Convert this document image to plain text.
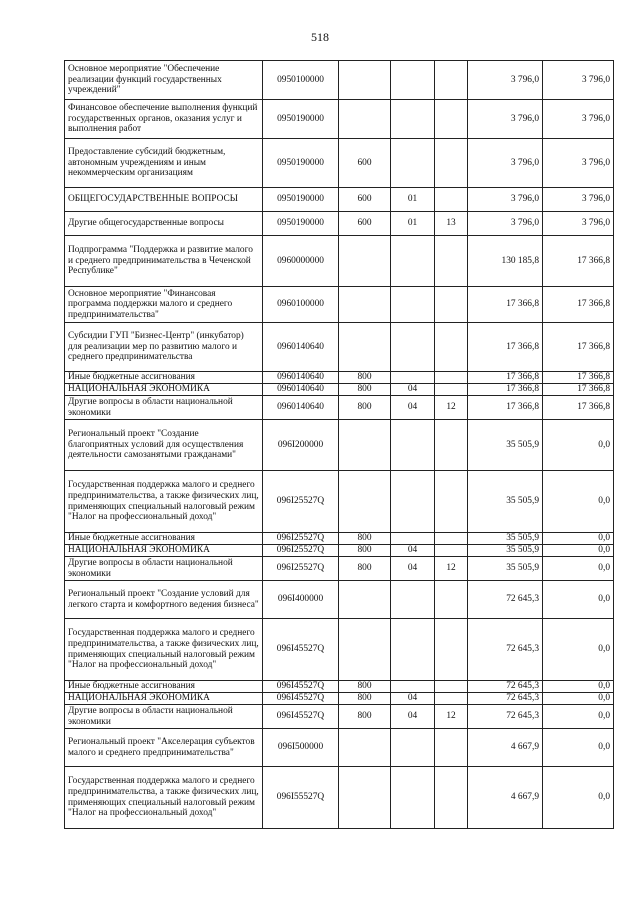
518
Основное мероприятие "Обеспечение реализации функций государственных учреждений"	0950100000				3 796,0	3 796,0
Финансовое обеспечение выполнения функций государственных органов, оказания услуг и выполнения работ	0950190000				3 796,0	3 796,0
Предоставление субсидий бюджетным, автономным учреждениям и иным некоммерческим организациям	0950190000	600			3 796,0	3 796,0
ОБЩЕГОСУДАРСТВЕННЫЕ ВОПРОСЫ	0950190000	600	01		3 796,0	3 796,0
Другие общегосударственные вопросы	0950190000	600	01	13	3 796,0	3 796,0
Подпрограмма "Поддержка и развитие малого и среднего предпринимательства в Чеченской Республике"	0960000000				130 185,8	17 366,8
Основное мероприятие "Финансовая программа поддержки малого и среднего предпринимательства"	0960100000				17 366,8	17 366,8
Субсидии ГУП "Бизнес-Центр" (инкубатор) для реализации мер по развитию малого и среднего предпринимательства	0960140640				17 366,8	17 366,8
Иные бюджетные ассигнования	0960140640	800			17 366,8	17 366,8
НАЦИОНАЛЬНАЯ ЭКОНОМИКА	0960140640	800	04		17 366,8	17 366,8
Другие вопросы в области национальной экономики	0960140640	800	04	12	17 366,8	17 366,8
Региональный проект "Создание благоприятных условий для осуществления деятельности самозанятыми гражданами"	096I200000				35 505,9	0,0
Государственная поддержка малого и среднего предпринимательства, а также физических лиц, применяющих специальный налоговый режим "Налог на профессиональный доход"	096I25527Q				35 505,9	0,0
Иные бюджетные ассигнования	096I25527Q	800			35 505,9	0,0
НАЦИОНАЛЬНАЯ ЭКОНОМИКА	096I25527Q	800	04		35 505,9	0,0
Другие вопросы в области национальной экономики	096I25527Q	800	04	12	35 505,9	0,0
Региональный проект "Создание условий для легкого старта и комфортного ведения бизнеса"	096I400000				72 645,3	0,0
Государственная поддержка малого и среднего предпринимательства, а также физических лиц, применяющих специальный налоговый режим "Налог на профессиональный доход"	096I45527Q				72 645,3	0,0
Иные бюджетные ассигнования	096I45527Q	800			72 645,3	0,0
НАЦИОНАЛЬНАЯ ЭКОНОМИКА	096I45527Q	800	04		72 645,3	0,0
Другие вопросы в области национальной экономики	096I45527Q	800	04	12	72 645,3	0,0
Региональный проект "Акселерация субъектов малого и среднего предпринимательства"	096I500000				4 667,9	0,0
Государственная поддержка малого и среднего предпринимательства, а также физических лиц, применяющих специальный налоговый режим "Налог на профессиональный доход"	096I55527Q				4 667,9	0,0
